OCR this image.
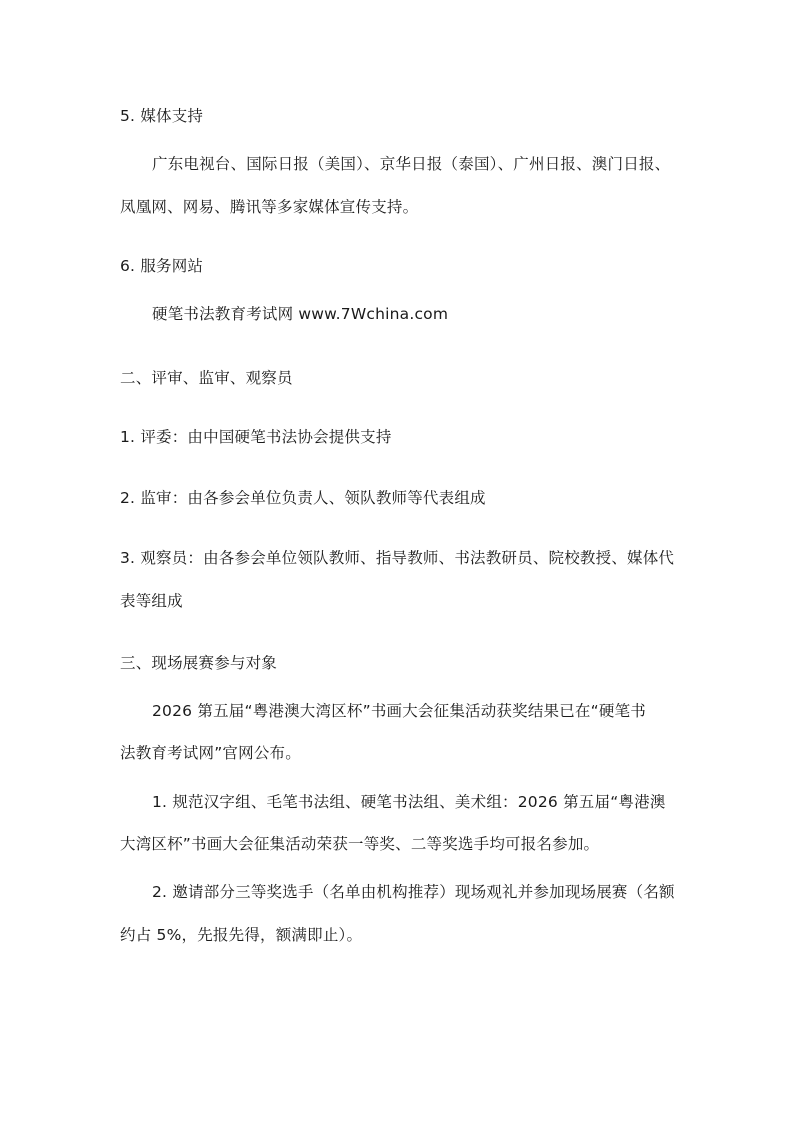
5. 媒体支持
广东电视台、国际日报（美国）、京华日报（泰国）、广州日报、澳门日报、
凤凰网、网易、腾讯等多家媒体宣传支持。
6. 服务网站
硬笔书法教育考试网 www.7Wchina.com
二、评审、监审、观察员
1. 评委：由中国硬笔书法协会提供支持
2. 监审：由各参会单位负责人、领队教师等代表组成
3. 观察员：由各参会单位领队教师、指导教师、书法教研员、院校教授、媒体代
表等组成
三、现场展赛参与对象
2026 第五届“粤港澳大湾区杯”书画大会征集活动获奖结果已在“硬笔书
法教育考试网”官网公布。
1. 规范汉字组、毛笔书法组、硬笔书法组、美术组：2026 第五届“粤港澳
大湾区杯”书画大会征集活动荣获一等奖、二等奖选手均可报名参加。
2. 邀请部分三等奖选手（名单由机构推荐）现场观礼并参加现场展赛（名额
约占 5%，先报先得，额满即止）。
